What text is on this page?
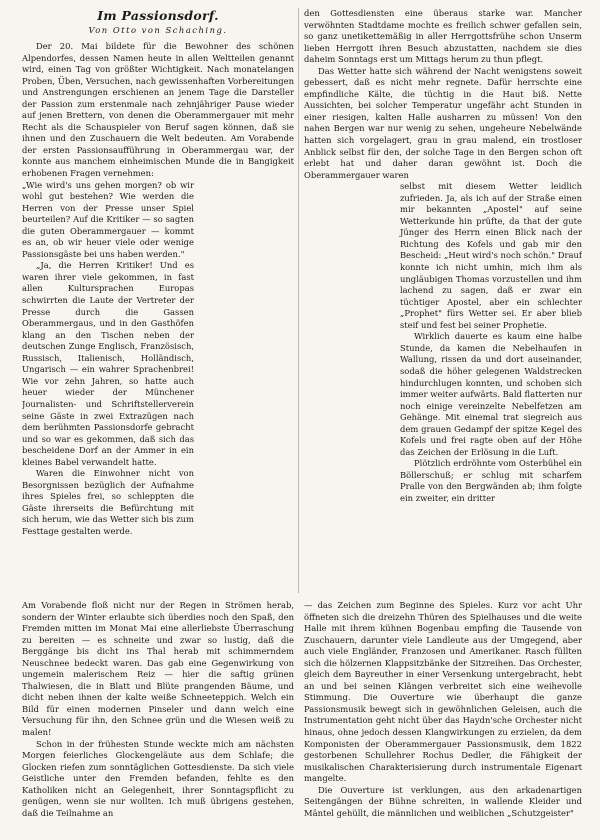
Im Passionsdorf.
Von Otto von Schaching.

Der 20. Mai bildete für die Bewohner des schönen Alpendorfes, dessen Namen heute in allen Weltteilen genannt wird, einen Tag von größter Wichtigkeit. Nach monatelangen Proben, Üben, Versuchen, nach gewissenhaften Vorbereitungen und Anstrengungen erschienen an jenem Tage die Darsteller der Passion zum erstenmale nach zehnjähriger Pause wieder auf jenen Brettern, von denen die Oberammergauer mit mehr Recht als die Schauspieler von Beruf sagen können, daß sie ihnen und den Zuschauern die Welt bedeuten. Am Vorabende der ersten Passionsaufführung in Oberammergau war, der konnte aus manchem einheimischen Munde die in Bangigkeit erhobenen Fragen vernehmen:

„Wie wird's uns gehen morgen? ob wir wohl gut bestehen? Wie werden die Herren von der Presse unser Spiel beurteilen? Auf die Kritiker — so sagten die guten Oberammergauer — kommt es an, ob wir heuer viele oder wenige Passionsgäste bei uns haben werden."

„Ja, die Herren Kritiker! Und es waren ihrer viele gekommen, in fast allen Kultursprachen Europas schwirrten die Laute der Vertreter der Presse durch die Gassen Oberammergaus, und in den Gasthöfen klang an den Tischen neben der deutschen Zunge Englisch, Französisch, Russisch, Italienisch, Holländisch, Ungarisch — ein wahrer Sprachenbrei! Wie vor zehn Jahren, so hatte auch heuer wieder der Münchener Journalisten- und Schriftstellerverein seine Gäste in zwei Extrazügen nach dem berühmten Passionsdorfe gebracht und so war es gekommen, daß sich das bescheidene Dorf an der Ammer in ein kleines Babel verwandelt hatte.

Waren die Einwohner nicht von Besorgnissen bezüglich der Aufnahme ihres Spieles frei, so schleppten die Gäste ihrerseits die Befürchtung mit sich herum, wie das Wetter sich bis zum Festtage gestalten werde.

den Gottesdiensten eine überaus starke war. Mancher verwöhnten Stadtdame mochte es freilich schwer gefallen sein, so ganz unetikettemäßig in aller Herrgottsfrühe schon Unserm lieben Herrgott ihren Besuch abzustatten, nachdem sie dies daheim Sonntags erst um Mittags herum zu thun pflegt.

Das Wetter hatte sich während der Nacht wenigstens soweit gebessert, daß es nicht mehr regnete. Dafür herrschte eine empfindliche Kälte, die tüchtig in die Haut biß. Nette Aussichten, bei solcher Temperatur ungefähr acht Stunden in einer riesigen, kalten Halle ausharren zu müssen! Von den nahen Bergen war nur wenig zu sehen, ungeheure Nebelwände hatten sich vorgelagert, grau in grau malend, ein trostloser Anblick selbst für den, der solche Tage in den Bergen schon oft erlebt hat und daher daran gewöhnt ist. Doch die Oberammergauer waren

selbst mit diesem Wetter leidlich zufrieden. Ja, als ich auf der Straße einen mir bekannten „Apostel" auf seine Wetterkunde hin prüfte, da that der gute Jünger des Herrn einen Blick nach der Richtung des Kofels und gab mir den Bescheid: „Heut wird's noch schön." Drauf konnte ich nicht umhin, mich ihm als ungläubigen Thomas vorzustellen und ihm lachend zu sagen, daß er zwar ein tüchtiger Apostel, aber ein schlechter „Prophet" fürs Wetter sei. Er aber blieb steif und fest bei seiner Prophetie.

Wirklich dauerte es kaum eine halbe Stunde, da kamen die Nebelhaufen in Wallung, rissen da und dort auseinander, sodaß die höher gelegenen Waldstrecken hindurchlugen konnten, und schoben sich immer weiter aufwärts. Bald flatterten nur noch einige vereinzelte Nebelfetzen am Gehänge. Mit einemal trat siegreich aus dem grauen Gedampf der spitze Kegel des Kofels und frei ragte oben auf der Höhe das Zeichen der Erlösung in die Luft.

Plötzlich erdröhnte vom Osterbühel ein Böllerschuß; er schlug mit scharfem Pralle von den Bergwänden ab; ihm folgte ein zweiter, ein dritter

Am Vorabende floß nicht nur der Regen in Strömen herab, sondern der Winter erlaubte sich überdies noch den Spaß, den Fremden mitten im Monat Mai eine allerliebste Überraschung zu bereiten — es schneite und zwar so lustig, daß die Berggänge bis dicht ins Thal herab mit schimmerndem Neuschnee bedeckt waren. Das gab eine Gegenwirkung von ungemein malerischem Reiz — hier die saftig grünen Thalwiesen, die in Blatt und Blüte prangenden Bäume, und dicht neben ihnen der kalte weiße Schneeteppich. Welch ein Bild für einen modernen Pinseler und dann welch eine Versuchung für ihn, den Schnee grün und die Wiesen weiß zu malen!

Schon in der frühesten Stunde weckte mich am nächsten Morgen feierliches Glockengeläute aus dem Schlafe; die Glocken riefen zum sonntäglichen Gottesdienste. Da sich viele Geistliche unter den Fremden befanden, fehlte es den Katholiken nicht an Gelegenheit, ihrer Sonntagspflicht zu genügen, wenn sie nur wollten. Ich muß übrigens gestehen, daß die Teilnahme an

— das Zeichen zum Beginne des Spieles. Kurz vor acht Uhr öffneten sich die dreizehn Thüren des Spielhauses und die weite Halle mit ihrem kühnen Bogenbau empfing die Tausende von Zuschauern, darunter viele Landleute aus der Umgegend, aber auch viele Engländer, Franzosen und Amerikaner. Rasch füllten sich die hölzernen Klappsitzbänke der Sitzreihen. Das Orchester, gleich dem Bayreuther in einer Versenkung untergebracht, hebt an und bei seinen Klängen verbreitet sich eine weihevolle Stimmung. Die Ouverture wie überhaupt die ganze Passionsmusik bewegt sich in gewöhnlichen Geleisen, auch die Instrumentation geht nicht über das Haydn'sche Orchester nicht hinaus, ohne jedoch dessen Klangwirkungen zu erzielen, da dem Komponisten der Oberammergauer Passionsmusik, dem 1822 gestorbenen Schullehrer Rochus Dedler, die Fähigkeit der musikalischen Charakterisierung durch instrumentale Eigenart mangelte.

Die Ouverture ist verklungen, aus den arkadenartigen Seitengängen der Bühne schreiten, in wallende Kleider und Mäntel gehüllt, die männlichen und weiblichen „Schutzgeister"
